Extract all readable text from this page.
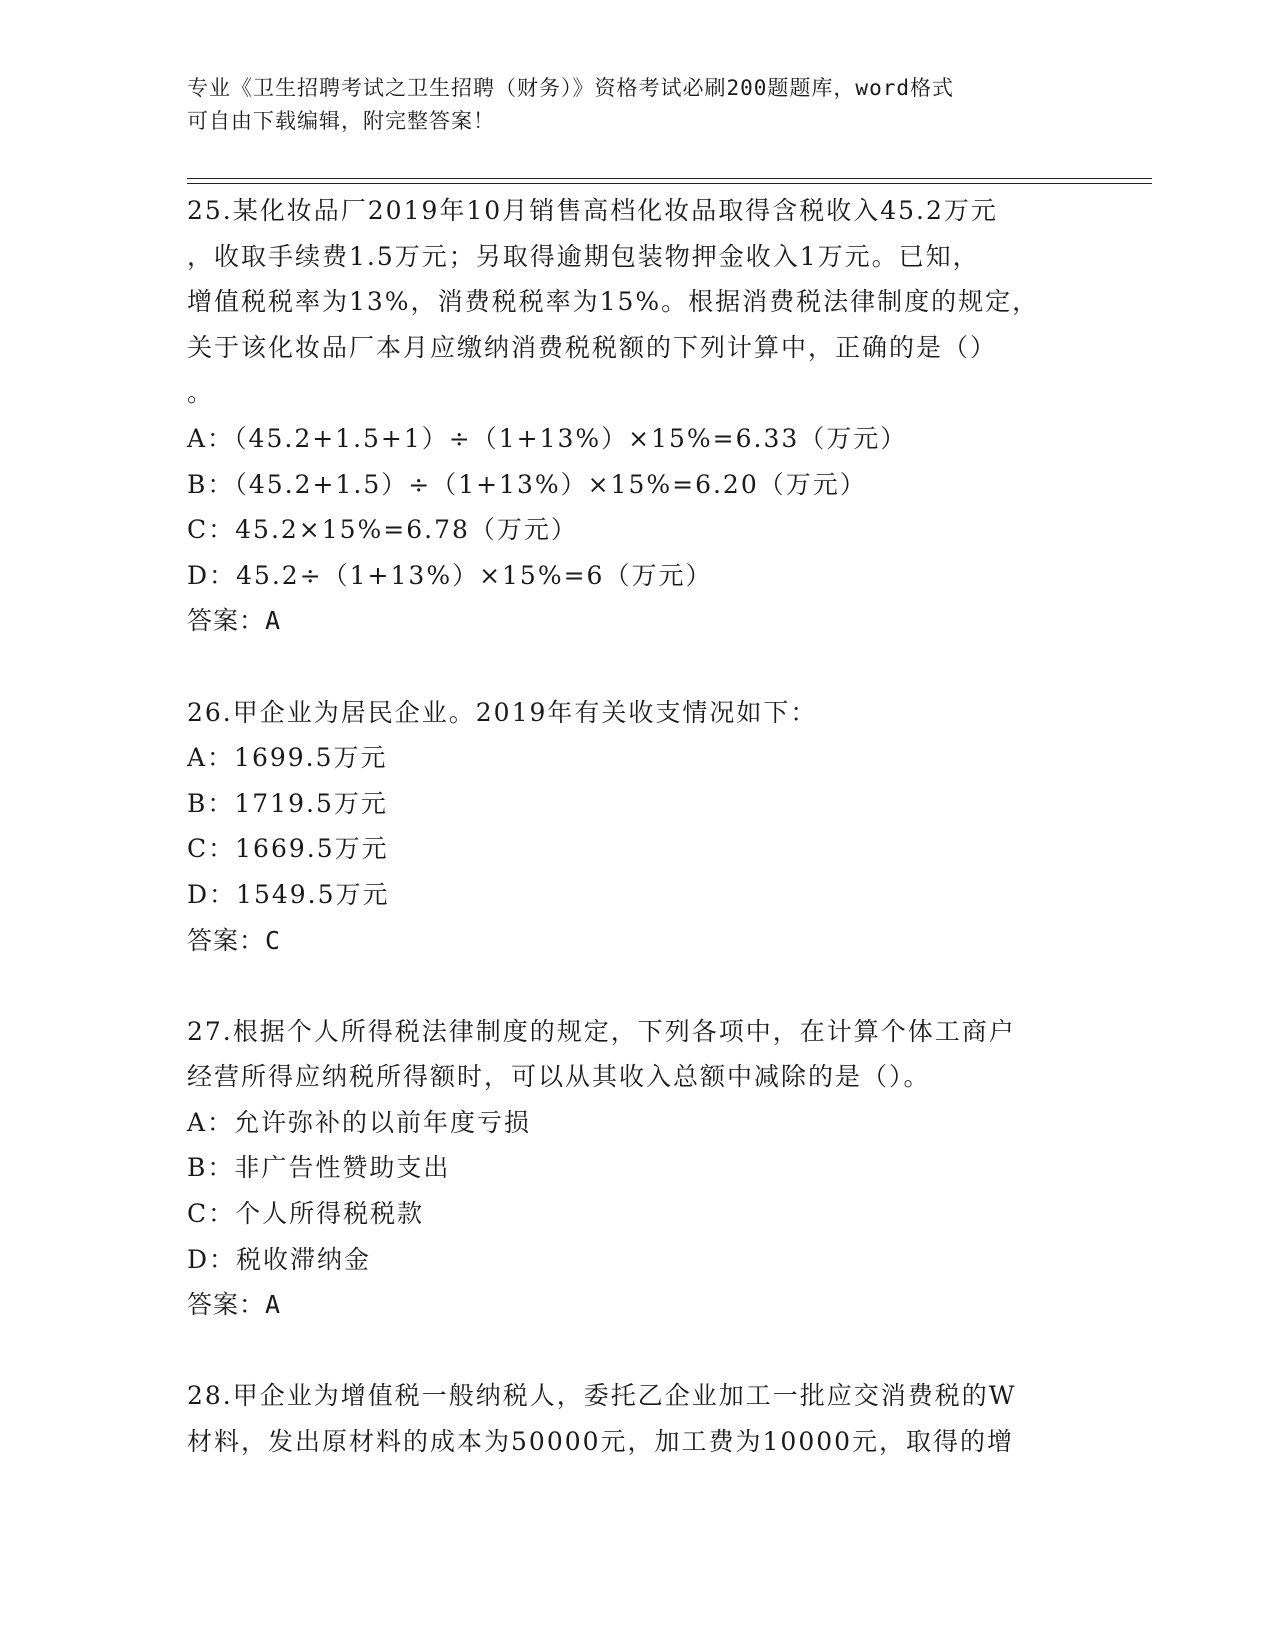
专业《卫生招聘考试之卫生招聘（财务）》资格考试必刷200题题库，word格式
可自由下载编辑，附完整答案！
25.某化妆品厂2019年10月销售高档化妆品取得含税收入45.2万元
，收取手续费1.5万元；另取得逾期包装物押金收入1万元。已知，
增值税税率为13%，消费税税率为15%。根据消费税法律制度的规定，
关于该化妆品厂本月应缴纳消费税税额的下列计算中，正确的是（）
。
A：（45.2+1.5+1）÷（1+13%）×15%=6.33（万元）
B：（45.2+1.5）÷（1+13%）×15%=6.20（万元）
C：45.2×15%=6.78（万元）
D：45.2÷（1+13%）×15%=6（万元）
答案：A
26.甲企业为居民企业。2019年有关收支情况如下：
A：1699.5万元
B：1719.5万元
C：1669.5万元
D：1549.5万元
答案：C
27.根据个人所得税法律制度的规定，下列各项中，在计算个体工商户
经营所得应纳税所得额时，可以从其收入总额中减除的是（）。
A：允许弥补的以前年度亏损
B：非广告性赞助支出
C：个人所得税税款
D：税收滞纳金
答案：A
28.甲企业为增值税一般纳税人，委托乙企业加工一批应交消费税的W
材料，发出原材料的成本为50000元，加工费为10000元，取得的增
